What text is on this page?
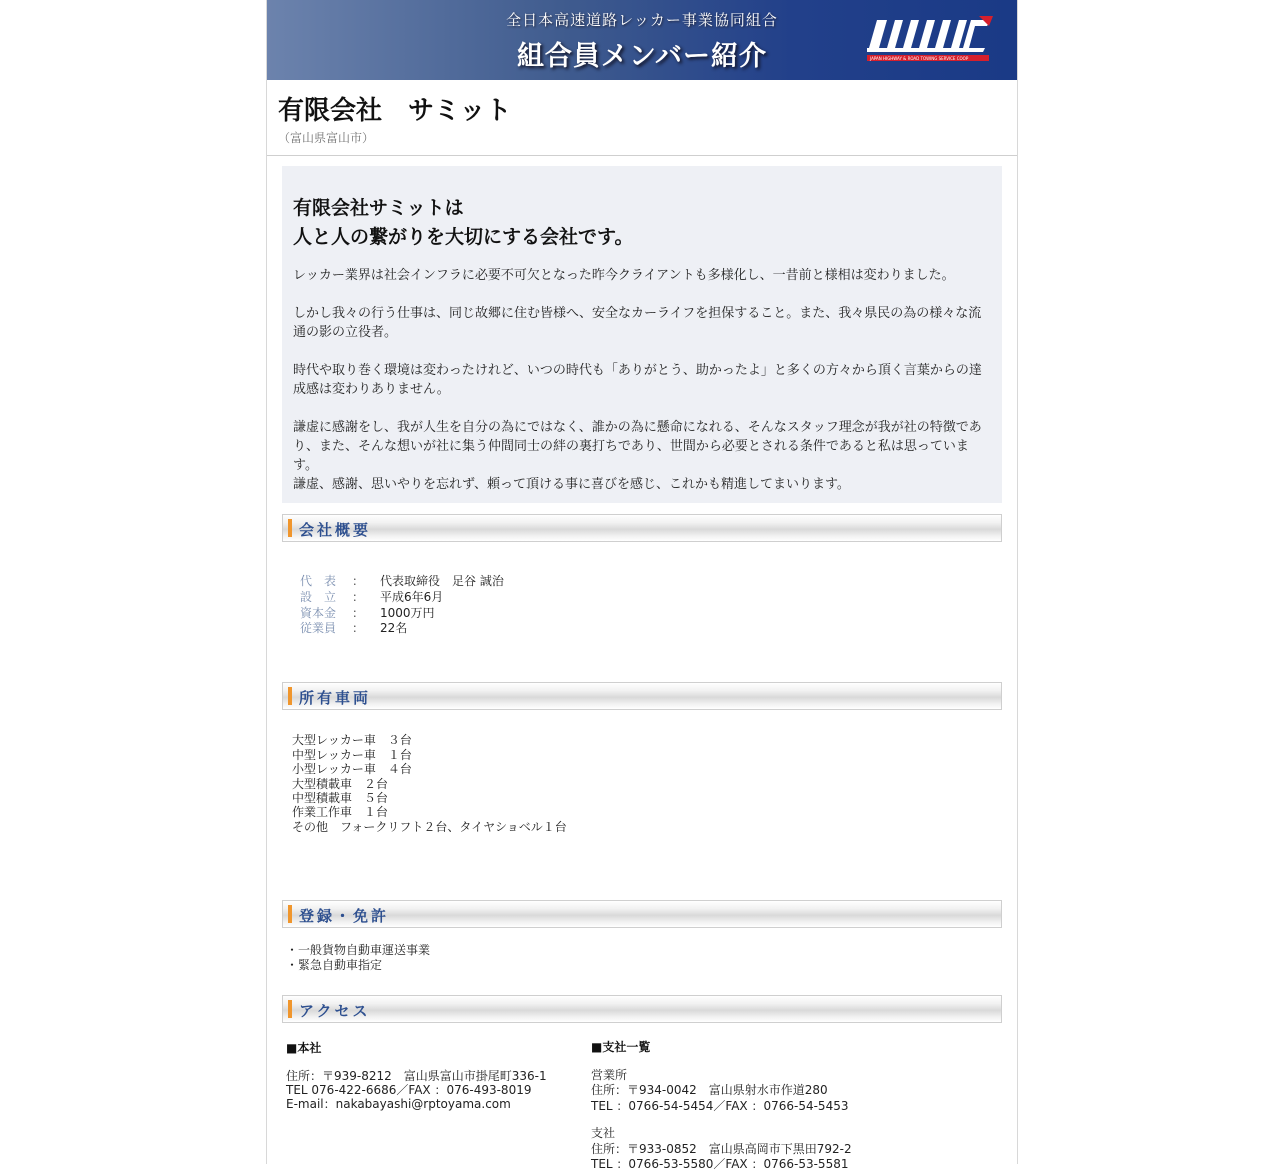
全日本高速道路レッカー事業協同組合
組合員メンバー紹介	JAPAN HIGHWAY & ROAD TOWING SERVICE COOP
有限会社　サミット
（富山県富山市）
有限会社サミットは
人と人の繋がりを大切にする会社です。

レッカー業界は社会インフラに必要不可欠となった昨今クライアントも多様化し、一昔前と様相は変わりました。

しかし我々の行う仕事は、同じ故郷に住む皆様へ、安全なカーライフを担保すること。また、我々県民の為の様々な流通の影の立役者。

時代や取り巻く環境は変わったけれど、いつの時代も「ありがとう、助かったよ」と多くの方々から頂く言葉からの達成感は変わりありません。

謙虚に感謝をし、我が人生を自分の為にではなく、誰かの為に懸命になれる、そんなスタッフ理念が我が社の特徴であり、また、そんな想いが社に集う仲間同士の絆の裏打ちであり、世間から必要とされる条件であると私は思っています。

謙虚、感謝、思いやりを忘れず、頼って頂ける事に喜びを感じ、これかも精進してまいります。

会社概要
代　表 ： 代表取締役　足谷 誠治
設　立 ： 平成6年6月
資本金 ： 1000万円
従業員 ： 22名
所有車両
大型レッカー車　３台
中型レッカー車　１台
小型レッカー車　４台
大型積載車　２台
中型積載車　５台
作業工作車　１台
その他　フォークリフト２台、タイヤショベル１台
登録・免許
・一般貨物自動車運送事業
・緊急自動車指定
アクセス
■本社
住所：〒939-8212　富山県富山市掛尾町336-1
TEL 076-422-6686／FAX ：076-493-8019
E-mail：nakabayashi@rptoyama.com
■支社一覧
営業所
住所：〒934-0042　富山県射水市作道280
TEL ：0766-54-5454／FAX ：0766-54-5453
支社
住所：〒933-0852　富山県高岡市下黒田792-2
TEL ：0766-53-5580／FAX ：0766-53-5581
